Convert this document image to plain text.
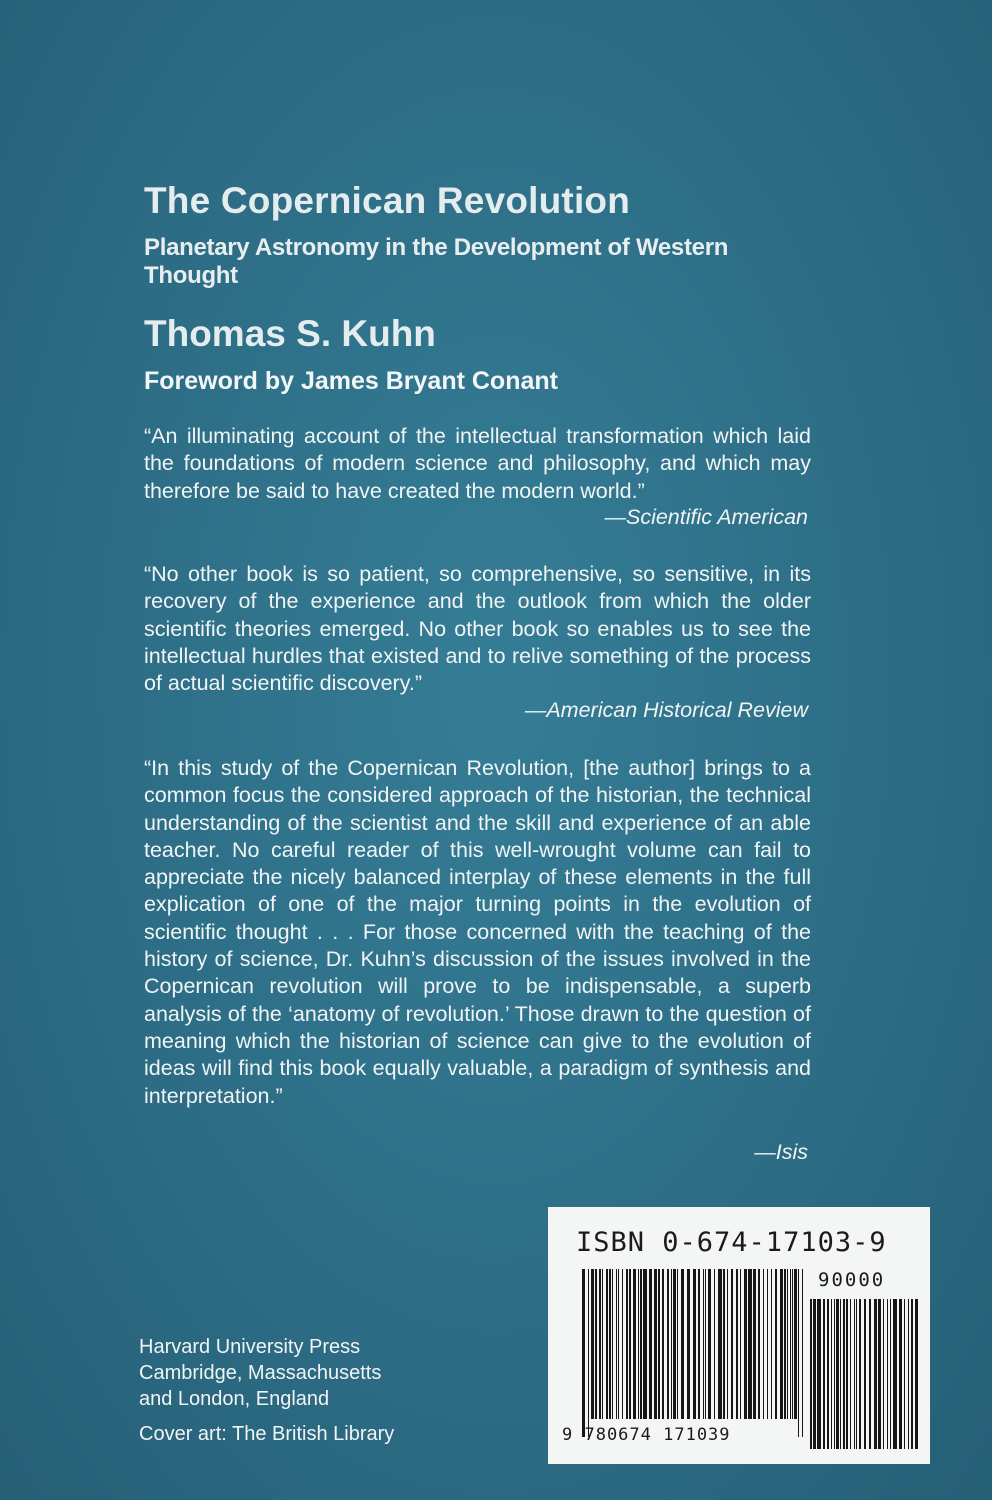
The Copernican Revolution
Planetary Astronomy in the Development of Western Thought
Thomas S. Kuhn
Foreword by James Bryant Conant

“An illuminating account of the intellectual transformation which laid the foundations of modern science and philosophy, and which may therefore be said to have created the modern world.”

—Scientific American

“No other book is so patient, so comprehensive, so sensitive, in its recovery of the experience and the outlook from which the older scientific theories emerged. No other book so enables us to see the intellectual hurdles that existed and to relive something of the process of actual scientific discovery.”

—American Historical Review

“In this study of the Copernican Revolution, [the author] brings to a common focus the considered approach of the historian, the technical understanding of the scientist and the skill and experience of an able teacher. No careful reader of this well-wrought volume can fail to appreciate the nicely balanced interplay of these elements in the full explication of one of the major turning points in the evolution of scientific thought . . . For those concerned with the teaching of the history of science, Dr. Kuhn’s discussion of the issues involved in the Copernican revolution will prove to be indispensable, a superb analysis of the ‘anatomy of revolution.’ Those drawn to the question of meaning which the historian of science can give to the evolution of ideas will find this book equally valuable, a paradigm of synthesis and interpretation.”

—Isis

Harvard University Press
Cambridge, Massachusetts
and London, England
Cover art: The British Library
ISBN 0-674-17103-9
90000
9 780674 171039
